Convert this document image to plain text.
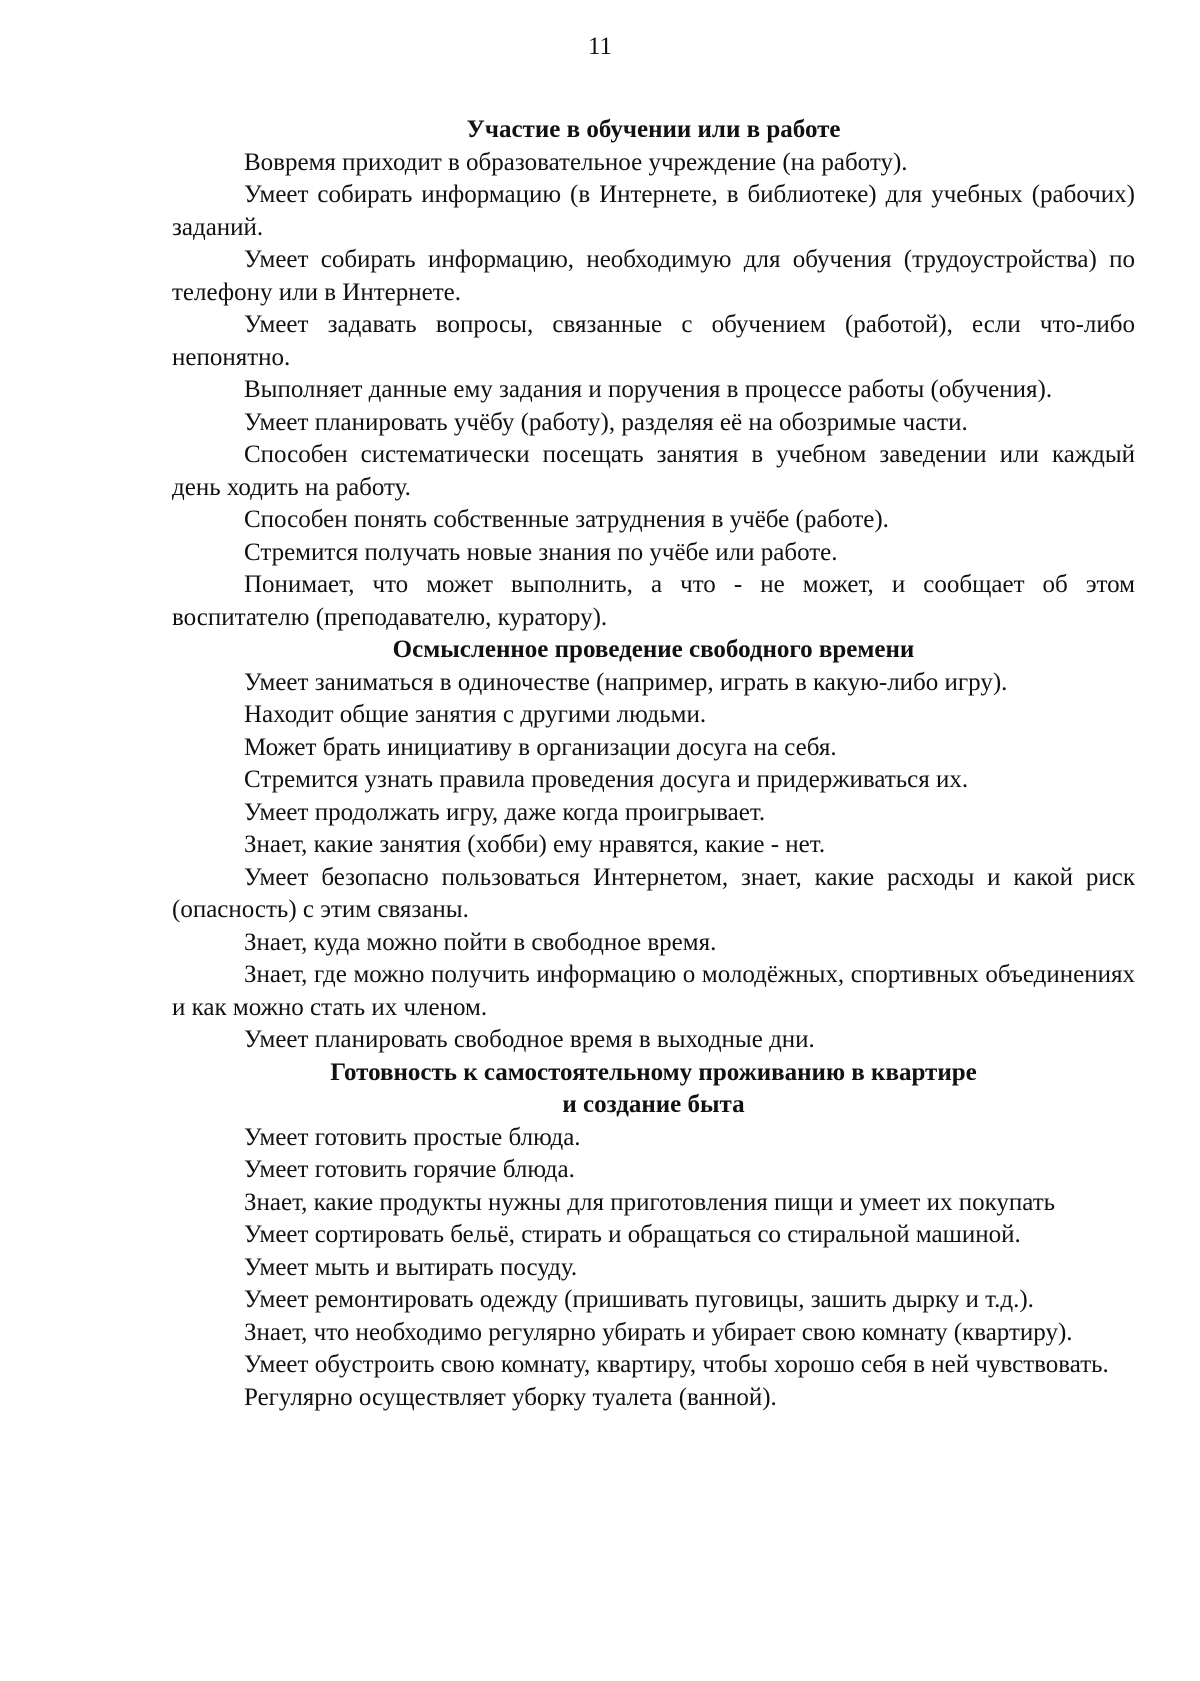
11

Участие в обучении или в работе

Вовремя приходит в образовательное учреждение (на работу).

Умеет собирать информацию (в Интернете, в библиотеке) для учебных (рабочих) заданий.

Умеет собирать информацию, необходимую для обучения (трудоустройства) по телефону или в Интернете.

Умеет задавать вопросы, связанные с обучением (работой), если что-либо непонятно.

Выполняет данные ему задания и поручения в процессе работы (обучения).

Умеет планировать учёбу (работу), разделяя её на обозримые части.

Способен систематически посещать занятия в учебном заведении или каждый день ходить на работу.

Способен понять собственные затруднения в учёбе (работе).

Стремится получать новые знания по учёбе или работе.

Понимает, что может выполнить, а что - не может, и сообщает об этом воспитателю (преподавателю, куратору).

Осмысленное проведение свободного времени

Умеет заниматься в одиночестве (например, играть в какую-либо игру).

Находит общие занятия с другими людьми.

Может брать инициативу в организации досуга на себя.

Стремится узнать правила проведения досуга и придерживаться их.

Умеет продолжать игру, даже когда проигрывает.

Знает, какие занятия (хобби) ему нравятся, какие - нет.

Умеет безопасно пользоваться Интернетом, знает, какие расходы и какой риск (опасность) с этим связаны.

Знает, куда можно пойти в свободное время.

Знает, где можно получить информацию о молодёжных, спортивных объединениях и как можно стать их членом.

Умеет планировать свободное время в выходные дни.

Готовность к самостоятельному проживанию в квартире

и создание быта

Умеет готовить простые блюда.

Умеет готовить горячие блюда.

Знает, какие продукты нужны для приготовления пищи и умеет их покупать

Умеет сортировать бельё, стирать и обращаться со стиральной машиной.

Умеет мыть и вытирать посуду.

Умеет ремонтировать одежду (пришивать пуговицы, зашить дырку и т.д.).

Знает, что необходимо регулярно убирать и убирает свою комнату (квартиру).

Умеет обустроить свою комнату, квартиру, чтобы хорошо себя в ней чувствовать.

Регулярно осуществляет уборку туалета (ванной).
